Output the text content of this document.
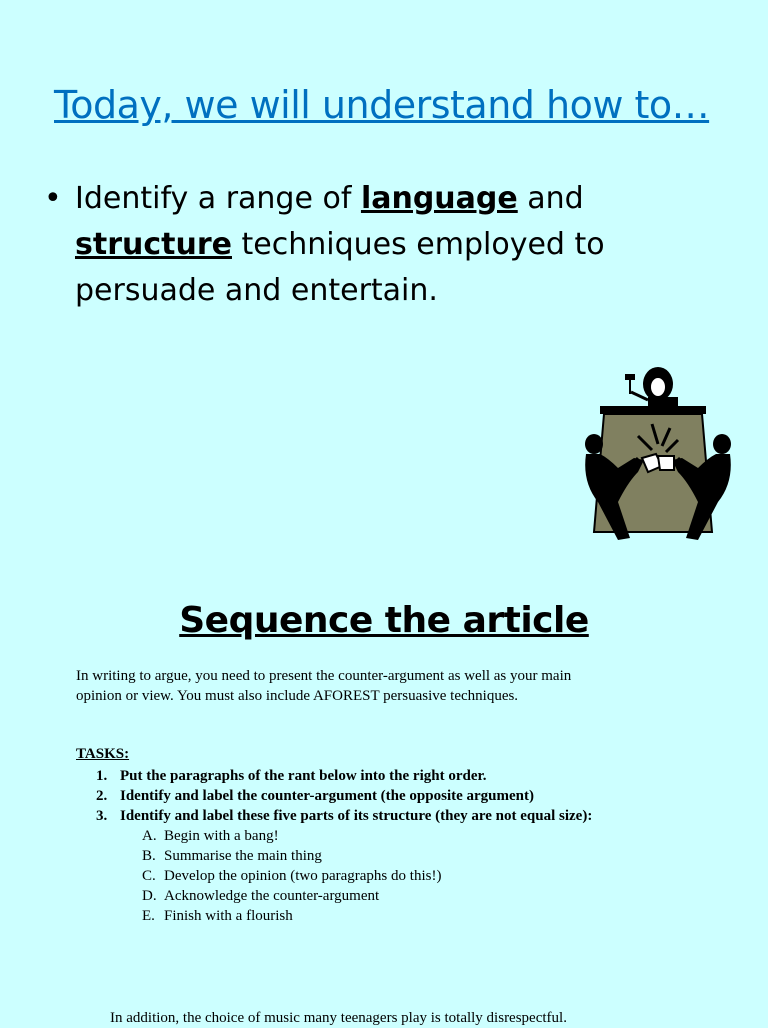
Today, we will understand how to…
• Identify a range of language and
structure techniques employed to persuade and entertain.
Sequence the article
In writing to argue, you need to present the counter-argument as well as your main opinion or view. You must also include AFOREST persuasive techniques.
TASKS:
1. Put the paragraphs of the rant below into the right order.
2. Identify and label the counter-argument (the opposite argument)
3. Identify and label these five parts of its structure (they are not equal size):
A. Begin with a bang!
B. Summarise the main thing
C. Develop the opinion (two paragraphs do this!)
D. Acknowledge the counter-argument
E. Finish with a flourish
In addition, the choice of music many teenagers play is totally disrespectful.
